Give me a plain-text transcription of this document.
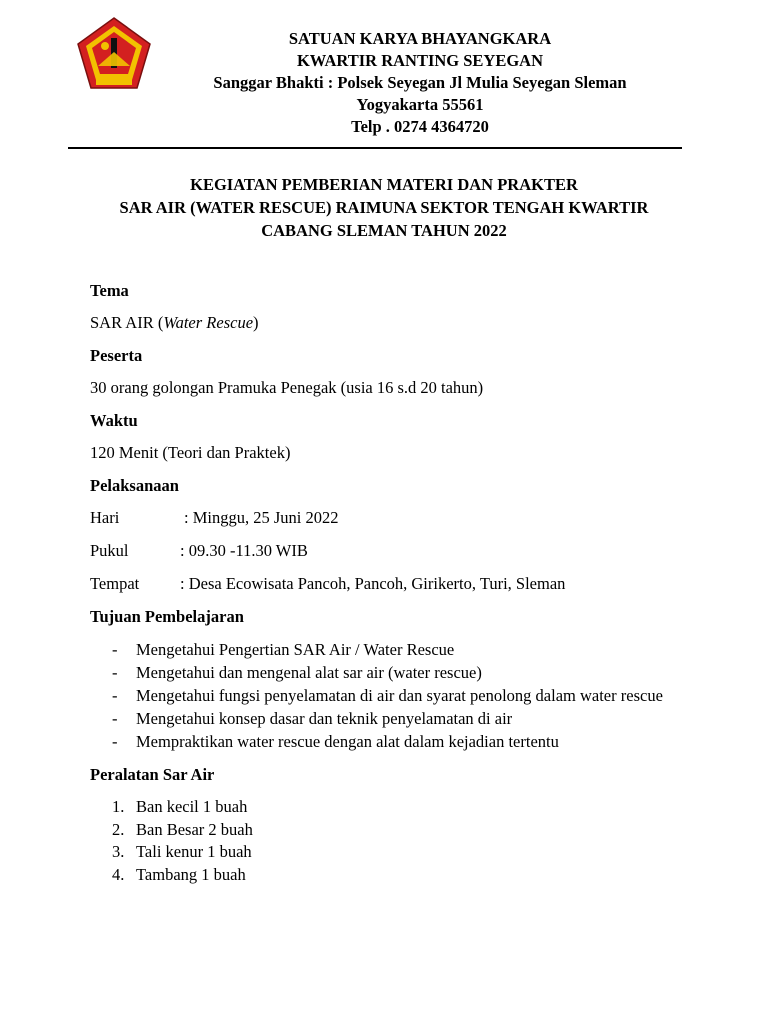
SATUAN KARYA BHAYANGKARA
KWARTIR RANTING SEYEGAN
Sanggar Bhakti : Polsek Seyegan Jl Mulia Seyegan Sleman
Yogyakarta 55561
Telp . 0274 4364720
KEGIATAN PEMBERIAN MATERI DAN PRAKTER
SAR AIR (WATER RESCUE) RAIMUNA SEKTOR TENGAH KWARTIR
CABANG SLEMAN TAHUN 2022
Tema
SAR AIR (Water Rescue)
Peserta
30 orang golongan Pramuka Penegak (usia 16 s.d 20 tahun)
Waktu
120 Menit (Teori dan Praktek)
Pelaksanaan
Hari	: Minggu, 25 Juni 2022
Pukul	: 09.30 -11.30 WIB
Tempat : Desa Ecowisata Pancoh, Pancoh, Girikerto, Turi, Sleman
Tujuan Pembelajaran
- Mengetahui Pengertian SAR Air / Water Rescue
- Mengetahui dan mengenal alat sar air (water rescue)
- Mengetahui fungsi penyelamatan di air dan syarat penolong dalam water rescue
- Mengetahui konsep dasar dan teknik penyelamatan di air
- Mempraktikan water rescue dengan alat dalam kejadian tertentu
Peralatan Sar Air
1. Ban kecil 1 buah
2. Ban Besar 2 buah
3. Tali kenur 1 buah
4. Tambang 1 buah
